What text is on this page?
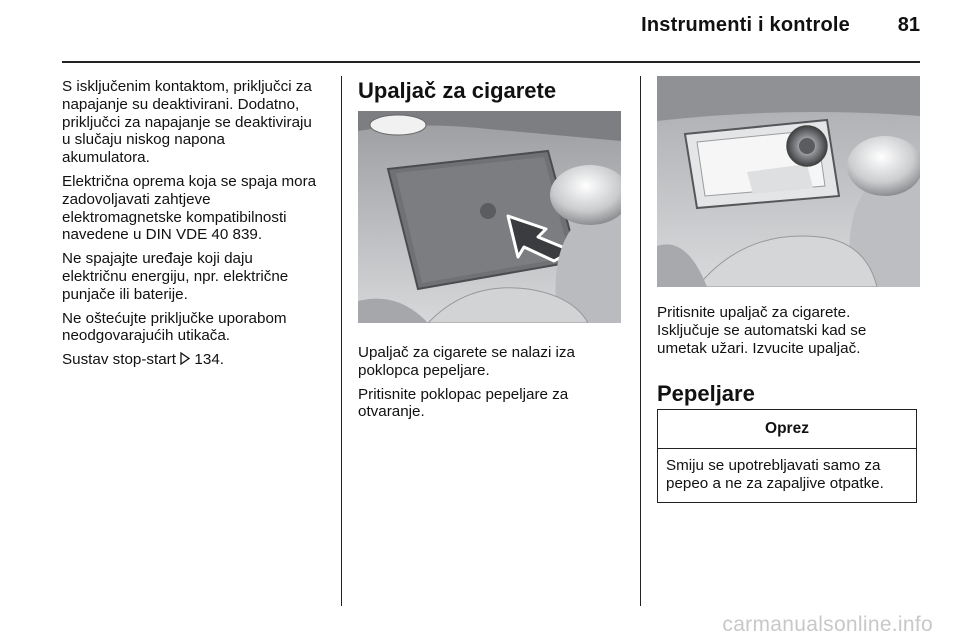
Instrumenti i kontrole	81

S isključenim kontaktom, priključci za
napajanje su deaktivirani. Dodatno,
priključci za napajanje se deaktiviraju
u slučaju niskog napona
akumulatora.

Električna oprema koja se spaja mora
zadovoljavati zahtjeve
elektromagnetske kompatibilnosti
navedene u DIN VDE 40 839.

Ne spajajte uređaje koji daju
električnu energiju, npr. električne
punjače ili baterije.

Ne oštećujte priključke uporabom
neodgovarajućih utikača.

Sustav stop-start 134.

Upaljač za cigarete

Upaljač za cigarete se nalazi iza
poklopca pepeljare.

Pritisnite poklopac pepeljare za
otvaranje.

Pritisnite upaljač za cigarete.
Isključuje se automatski kad se
umetak užari. Izvucite upaljač.

Pepeljare
Oprez
Smiju se upotrebljavati samo za
pepeo a ne za zapaljive otpatke.
carmanualsonline.info
